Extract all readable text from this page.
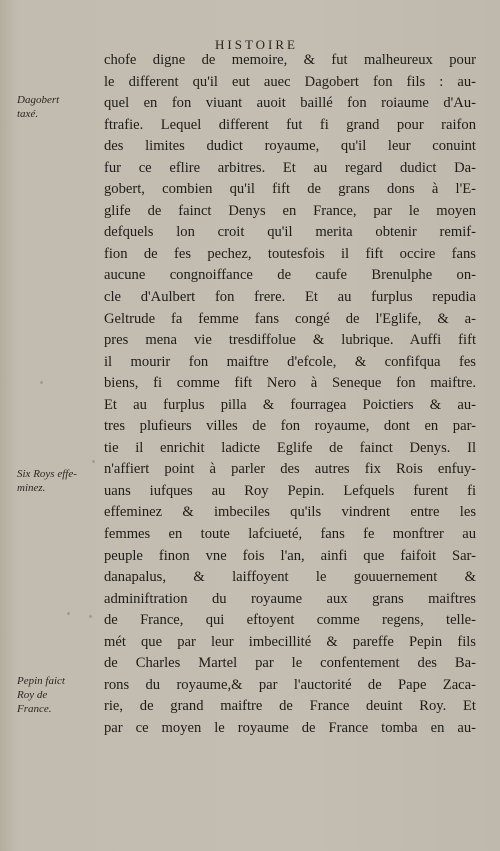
HISTOIRE
chofe digne de memoire, & fut malheureux pour
le different qu'il eut auec Dagobert fon fils : au-
quel en fon viuant auoit baillé fon roiaume d'Au-
ftrafie. Lequel different fut fi grand pour raifon
des limites dudict royaume, qu'il leur conuint
fur ce eflire arbitres. Et au regard dudict Da-
gobert, combien qu'il fift de grans dons à l'E-
glife de fainct Denys en France, par le moyen
defquels lon croit qu'il merita obtenir remif-
fion de fes pechez, toutesfois il fift occire fans
aucune congnoiffance de caufe Brenulphe on-
cle d'Aulbert fon frere. Et au furplus repudia
Geltrude fa femme fans congé de l'Eglife, & a-
pres mena vie tresdiffolue & lubrique. Auffi fift
il mourir fon maiftre d'efcole, & confifqua fes
biens, fi comme fift Nero à Seneque fon maiftre.
Et au furplus pilla & fourragea Poictiers & au-
tres plufieurs villes de fon royaume, dont en par-
tie il enrichit ladicte Eglife de fainct Denys. Il
n'affiert point à parler des autres fix Rois enfuy-
uans iufques au Roy Pepin. Lefquels furent fi
effeminez & imbeciles qu'ils vindrent entre les
femmes en toute lafciueté, fans fe monftrer au
peuple finon vne fois l'an, ainfi que faifoit Sar-
danapalus, & laiffoyent le gouuernement &
adminiftration du royaume aux grans maiftres
de France, qui eftoyent comme regens, telle-
mét que par leur imbecillité & pareffe Pepin fils
de Charles Martel par le confentement des Ba-
rons du royaume,& par l'auctorité de Pape Zaca-
rie, de grand maiftre de France deuint Roy. Et
par ce moyen le royaume de France tomba en au-
Dagobert
taxé.
Six Roys effe-
minez.
Pepin faict
Roy de
France.
